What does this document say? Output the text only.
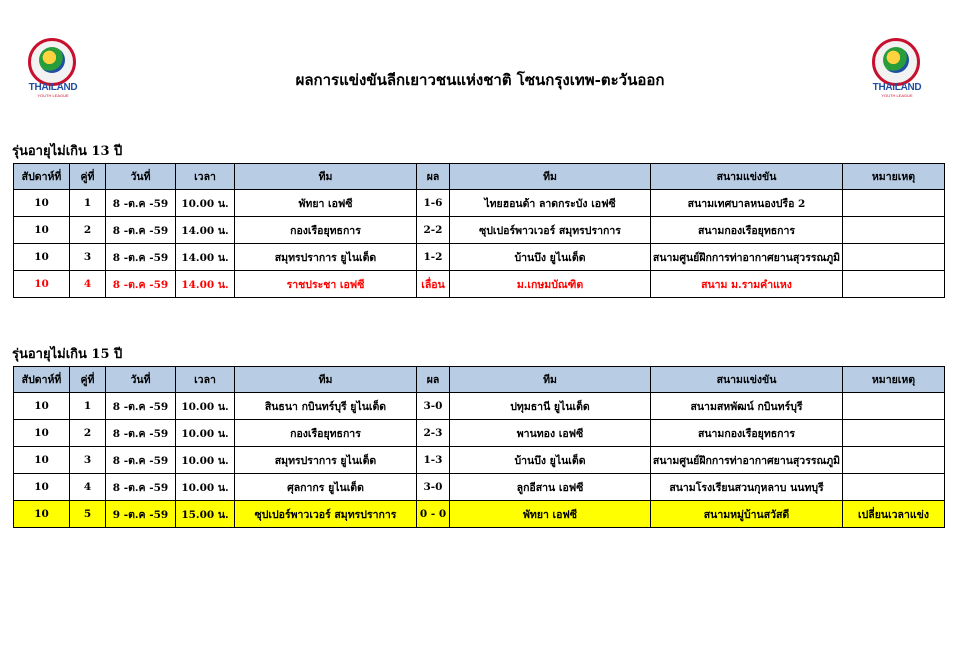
THAILAND
YOUTH LEAGUE
THAILAND
YOUTH LEAGUE
ผลการแข่งขันลีกเยาวชนแห่งชาติ โซนกรุงเทพ-ตะวันออก
รุ่นอายุไม่เกิน 13 ปี
สัปดาห์ที่	คู่ที่	วันที่	เวลา	ทีม	ผล	ทีม	สนามแข่งขัน	หมายเหตุ
10	1	8 -ต.ค -59	10.00 น.	พัทยา เอฟซี	1-6	ไทยฮอนด้า ลาดกระบัง เอฟซี	สนามเทศบาลหนองปรือ 2	
10	2	8 -ต.ค -59	14.00 น.	กองเรือยุทธการ	2-2	ซุปเปอร์พาวเวอร์ สมุทรปราการ	สนามกองเรือยุทธการ	
10	3	8 -ต.ค -59	14.00 น.	สมุทรปราการ ยูไนเต็ด	1-2	บ้านบึง ยูไนเต็ด	สนามศูนย์ฝึกการท่าอากาศยานสุวรรณภูมิ	
10	4	8 -ต.ค -59	14.00 น.	ราชประชา เอฟซี	เลื่อน	ม.เกษมบัณฑิต	สนาม ม.รามคำแหง	
รุ่นอายุไม่เกิน 15 ปี
สัปดาห์ที่	คู่ที่	วันที่	เวลา	ทีม	ผล	ทีม	สนามแข่งขัน	หมายเหตุ
10	1	8 -ต.ค -59	10.00 น.	สินธนา กบินทร์บุรี ยูไนเต็ด	3-0	ปทุมธานี ยูไนเต็ด	สนามสหพัฒน์ กบินทร์บุรี	
10	2	8 -ต.ค -59	10.00 น.	กองเรือยุทธการ	2-3	พานทอง เอฟซี	สนามกองเรือยุทธการ	
10	3	8 -ต.ค -59	10.00 น.	สมุทรปราการ ยูไนเต็ด	1-3	บ้านบึง ยูไนเต็ด	สนามศูนย์ฝึกการท่าอากาศยานสุวรรณภูมิ	
10	4	8 -ต.ค -59	10.00 น.	ศุลกากร ยูไนเต็ด	3-0	ลูกอีสาน เอฟซี	สนามโรงเรียนสวนกุหลาบ นนทบุรี	
10	5	9 -ต.ค -59	15.00 น.	ซุปเปอร์พาวเวอร์ สมุทรปราการ	0 - 0	พัทยา เอฟซี	สนามหมู่บ้านสวัสดี	เปลี่ยนเวลาแข่ง
